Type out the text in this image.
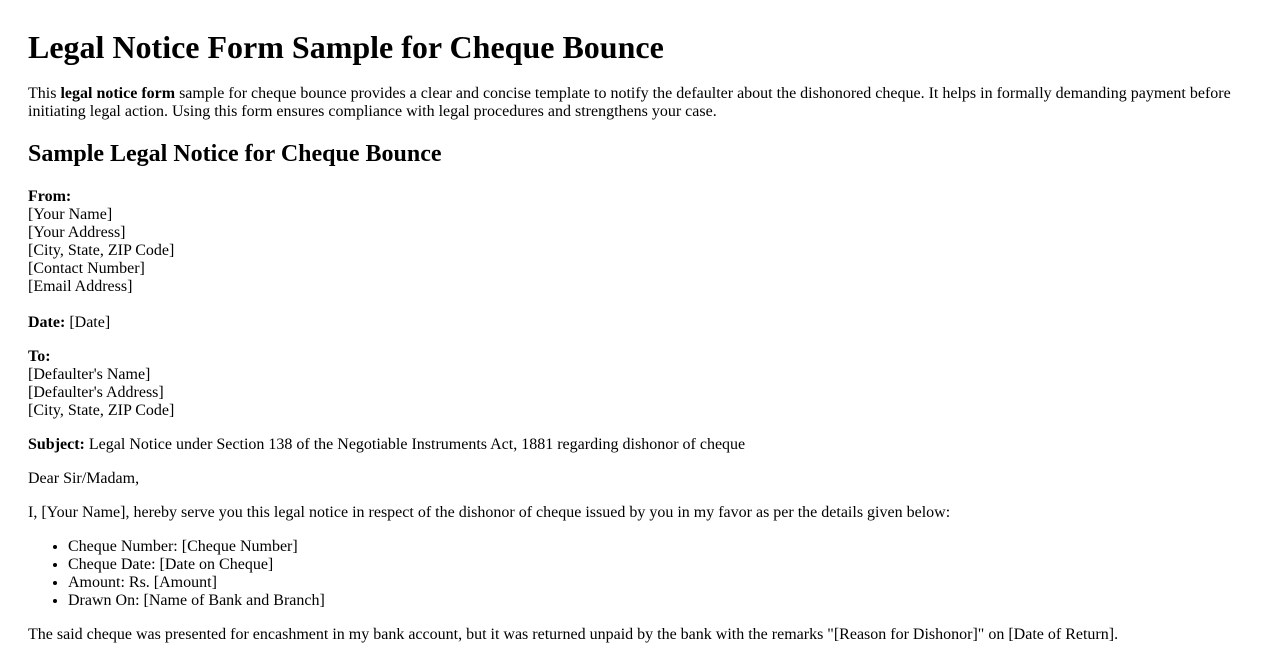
Legal Notice Form Sample for Cheque Bounce

This legal notice form sample for cheque bounce provides a clear and concise template to notify the defaulter about the dishonored cheque. It helps in formally demanding payment before initiating legal action. Using this form ensures compliance with legal procedures and strengthens your case.

Sample Legal Notice for Cheque Bounce
From:
[Your Name]
[Your Address]
[City, State, ZIP Code]
[Contact Number]
[Email Address]
Date: [Date]
To:
[Defaulter's Name]
[Defaulter's Address]
[City, State, ZIP Code]
Subject: Legal Notice under Section 138 of the Negotiable Instruments Act, 1881 regarding dishonor of cheque
Dear Sir/Madam,
I, [Your Name], hereby serve you this legal notice in respect of the dishonor of cheque issued by you in my favor as per the details given below:
• Cheque Number: [Cheque Number]
• Cheque Date: [Date on Cheque]
• Amount: Rs. [Amount]
• Drawn On: [Name of Bank and Branch]
The said cheque was presented for encashment in my bank account, but it was returned unpaid by the bank with the remarks "[Reason for Dishonor]" on [Date of Return].
